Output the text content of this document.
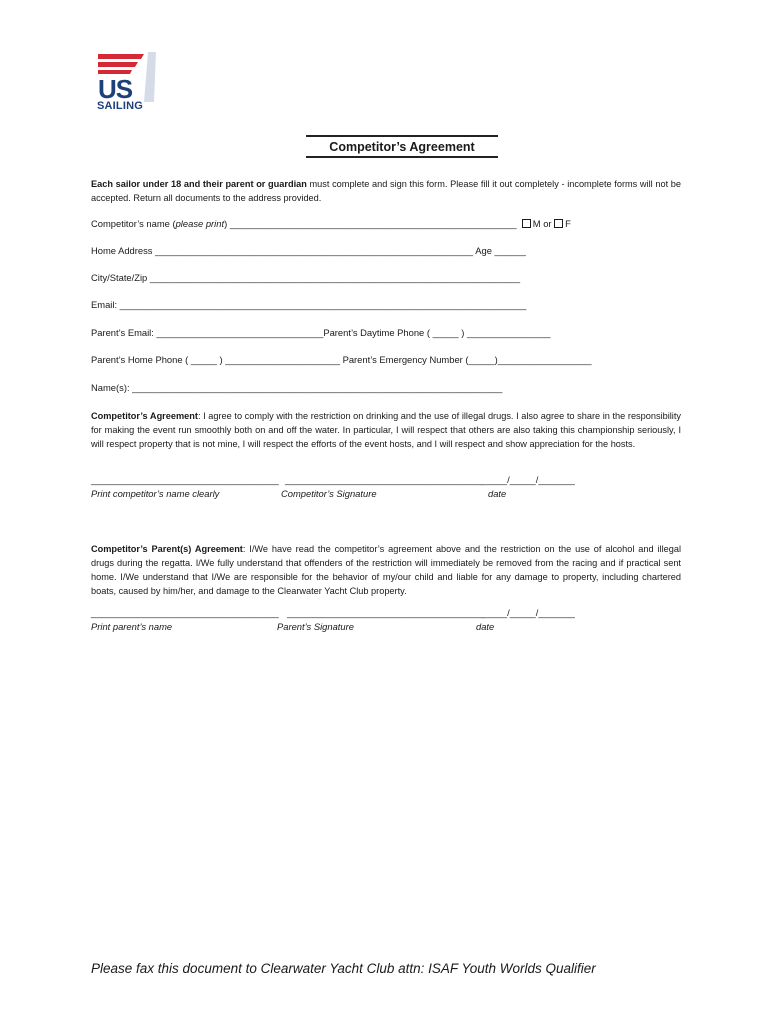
US
SAILING
Competitor’s Agreement
Each sailor under 18 and their parent or guardian must complete and sign this form. Please fill it out completely - incomplete forms will not be accepted. Return all documents to the address provided.
Competitor’s name (please print) _______________________________________________________ M or F
Home Address _____________________________________________________________ Age ______
City/State/Zip _______________________________________________________________________
Email: ______________________________________________________________________________
Parent’s Email: ________________________________Parent’s Daytime Phone ( _____ ) ________________
Parent’s Home Phone ( _____ ) ______________________ Parent’s Emergency Number (_____)__________________
Name(s): _______________________________________________________________________
Competitor’s Agreement: I agree to comply with the restriction on drinking and the use of illegal drugs. I also agree to share in the responsibility for making the event run smoothly both on and off the water. In particular, I will respect that others are also taking this championship seriously, I will respect property that is not mine, I will respect the efforts of the event hosts, and I will respect and show appreciation for the hosts.
____________________________________ ______________________________________
_____/_____/_______
Print competitor’s name clearly	Competitor’s Signature	date
Competitor’s Parent(s) Agreement: I/We have read the competitor’s agreement above and the restriction on the use of alcohol and illegal drugs during the regatta. I/We fully understand that offenders of the restriction will immediately be removed from the racing and if practical sent home. I/We understand that I/We are responsible for the behavior of my/our child and liable for any damage to property, including chartered boats, caused by him/her, and damage to the Clearwater Yacht Club property.
____________________________________ ______________________________________
_____/_____/_______
Print parent’s name	Parent’s Signature	date
Please fax this document to Clearwater Yacht Club attn: ISAF Youth Worlds Qualifier
